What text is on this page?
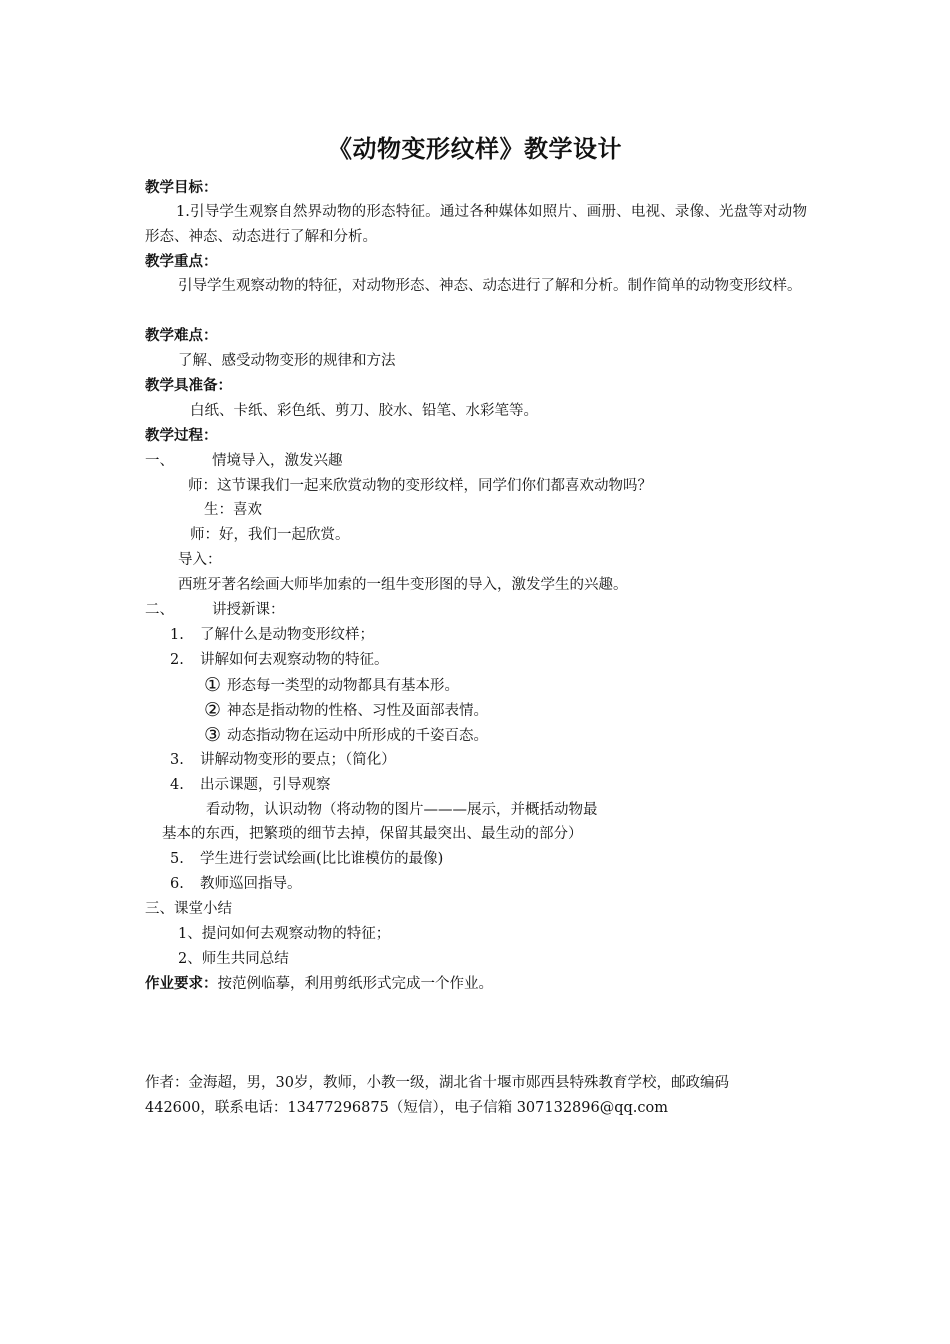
《动物变形纹样》教学设计
教学目标：
1.引导学生观察自然界动物的形态特征。通过各种媒体如照片、画册、电视、录像、光盘等对动物形态、神态、动态进行了解和分析。
教学重点：
引导学生观察动物的特征，对动物形态、神态、动态进行了解和分析。制作简单的动物变形纹样。
教学难点：
了解、感受动物变形的规律和方法
教学具准备：
白纸、卡纸、彩色纸、剪刀、胶水、铅笔、水彩笔等。
教学过程：
一、	情境导入，激发兴趣
师：这节课我们一起来欣赏动物的变形纹样，同学们你们都喜欢动物吗？
生：喜欢
师：好，我们一起欣赏。
导入：
西班牙著名绘画大师毕加索的一组牛变形图的导入，激发学生的兴趣。
二、	讲授新课：
1. 了解什么是动物变形纹样；
2. 讲解如何去观察动物的特征。
① 形态每一类型的动物都具有基本形。
② 神态是指动物的性格、习性及面部表情。
③ 动态指动物在运动中所形成的千姿百态。
3. 讲解动物变形的要点；（简化）
4. 出示课题，引导观察
看动物，认识动物（将动物的图片———展示，并概括动物最
基本的东西，把繁琐的细节去掉，保留其最突出、最生动的部分）
5. 学生进行尝试绘画(比比谁模仿的最像)
6. 教师巡回指导。
三、课堂小结
1、提问如何去观察动物的特征；
2、师生共同总结
作业要求：按范例临摹，利用剪纸形式完成一个作业。
作者：金海超，男，30岁，教师，小教一级，湖北省十堰市郧西县特殊教育学校，邮政编码
442600，联系电话：13477296875（短信），电子信箱 307132896@qq.com
